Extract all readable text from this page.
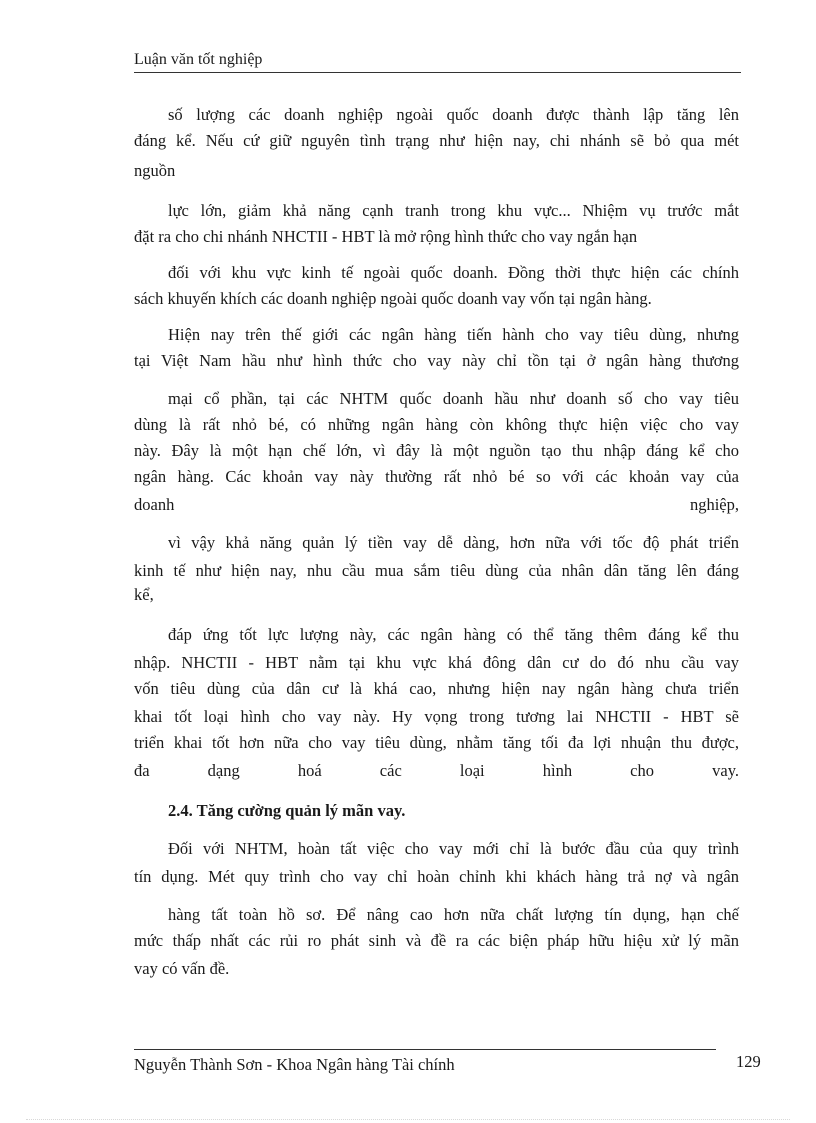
Luận văn tốt nghiệp
số lượng các doanh nghiệp ngoài quốc doanh được thành lập tăng lên
đáng kể. Nếu cứ giữ nguyên tình trạng như hiện nay, chi nhánh sẽ bỏ qua mét
nguồn
lực lớn, giảm khả năng cạnh tranh trong khu vực... Nhiệm vụ trước mắt
đặt ra cho chi nhánh NHCTII - HBT là mở rộng hình thức cho vay ngắn hạn
đối với khu vực kinh tế ngoài quốc doanh. Đồng thời thực hiện các chính
sách khuyến khích các doanh nghiệp ngoài quốc doanh vay vốn tại ngân hàng.
Hiện nay trên thế giới các ngân hàng tiến hành cho vay tiêu dùng, nhưng
tại Việt Nam hầu như hình thức cho vay này chỉ tồn tại ở ngân hàng thương
mại cổ phần, tại các NHTM quốc doanh hầu như doanh số cho vay tiêu
dùng là rất nhỏ bé, có những ngân hàng còn không thực hiện việc cho vay
này. Đây là một hạn chế lớn, vì đây là một nguồn tạo thu nhập đáng kể cho
ngân hàng. Các khoản vay này thường rất nhỏ bé so với các khoản vay của
doanh nghiệp,
vì vậy khả năng quản lý tiền vay dễ dàng, hơn nữa với tốc độ phát triển
kinh tế như hiện nay, nhu cầu mua sắm tiêu dùng của nhân dân tăng lên đáng
kể,
đáp ứng tốt lực lượng này, các ngân hàng có thể tăng thêm đáng kể thu
nhập. NHCTII - HBT nằm tại khu vực khá đông dân cư do đó nhu cầu vay
vốn tiêu dùng của dân cư là khá cao, nhưng hiện nay ngân hàng chưa triển
khai tốt loại hình cho vay này. Hy vọng trong tương lai NHCTII - HBT sẽ
triển khai tốt hơn nữa cho vay tiêu dùng, nhằm tăng tối đa lợi nhuận thu được,
đa dạng hoá các loại hình cho vay.
2.4. Tăng cường quản lý mãn vay.
Đối với NHTM, hoàn tất việc cho vay mới chỉ là bước đầu của quy trình
tín dụng. Mét quy trình cho vay chỉ hoàn chỉnh khi khách hàng trả nợ và ngân
hàng tất toàn hồ sơ. Để nâng cao hơn nữa chất lượng tín dụng, hạn chế
mức thấp nhất các rủi ro phát sinh và đề ra các biện pháp hữu hiệu xử lý mãn
vay có vấn đề.
Nguyễn Thành Sơn - Khoa Ngân hàng Tài chính	129
